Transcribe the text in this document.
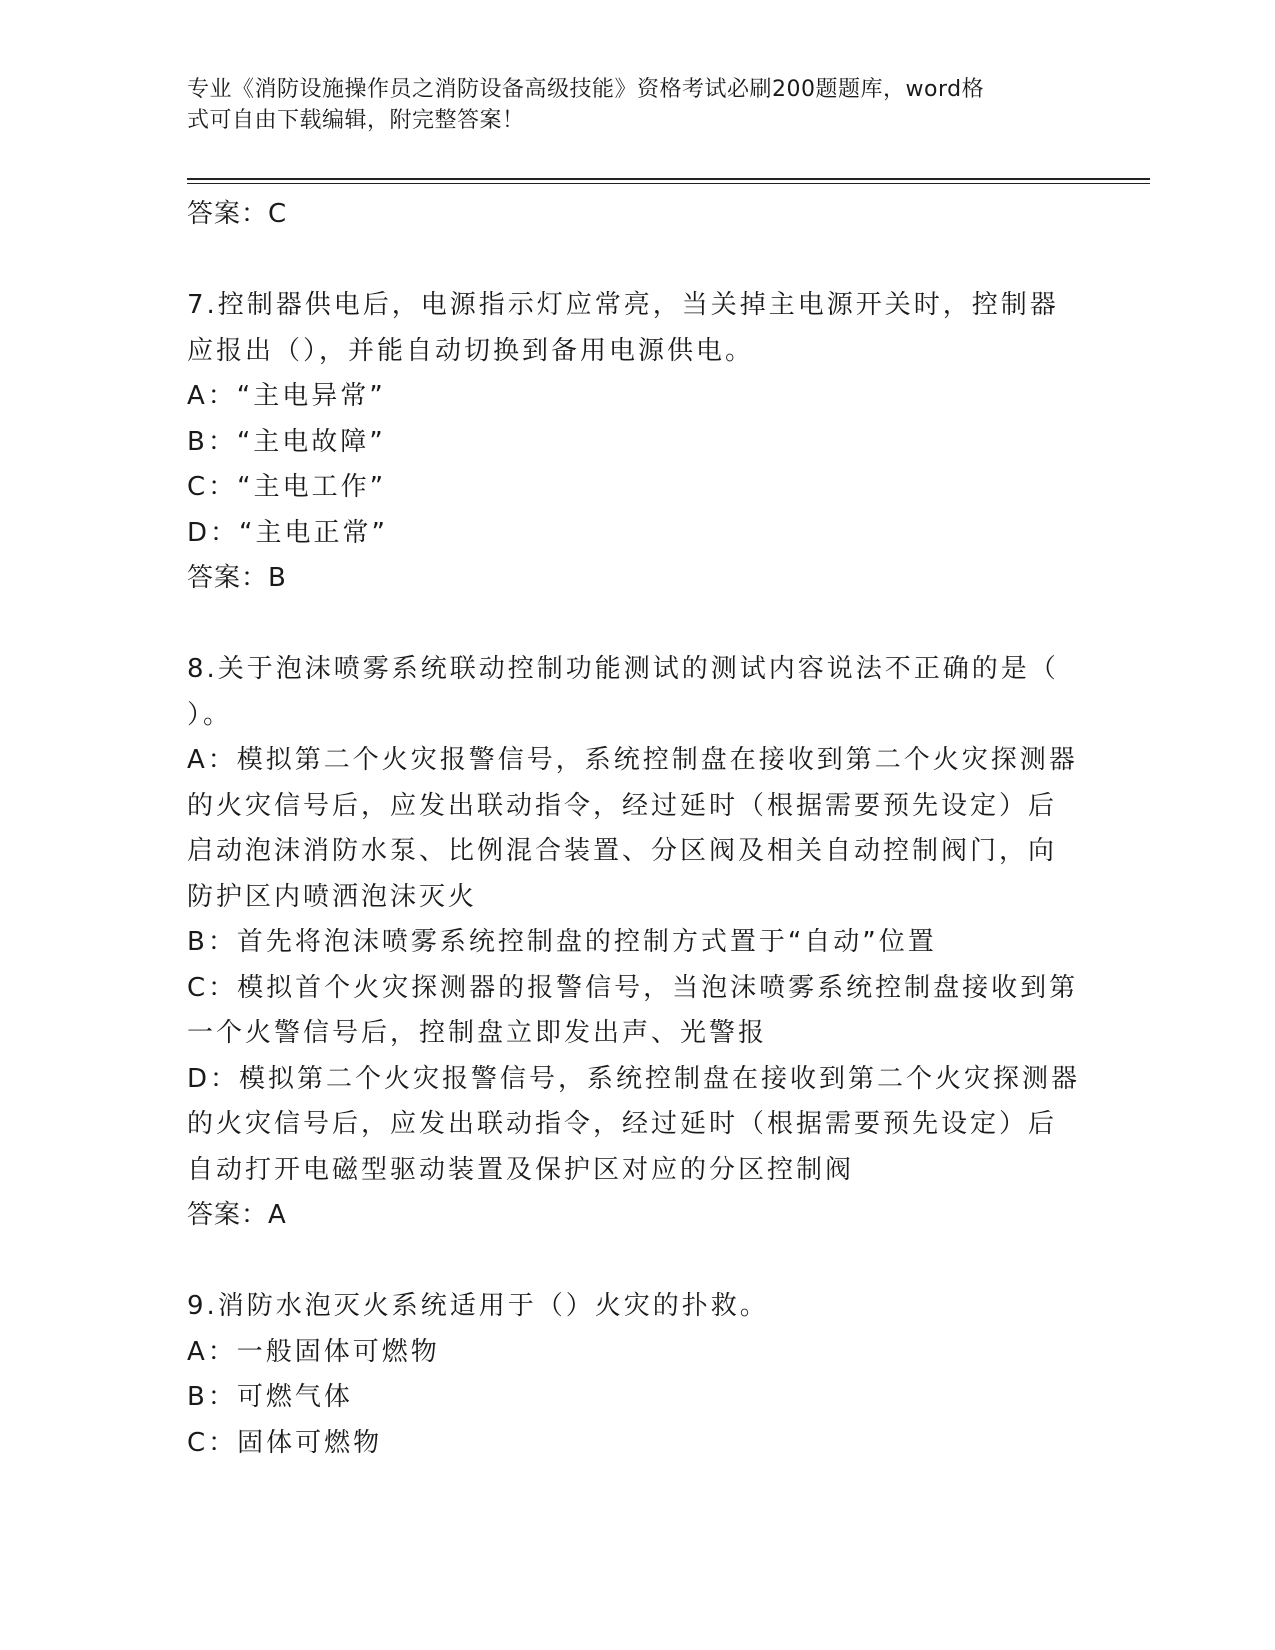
专业《消防设施操作员之消防设备高级技能》资格考试必刷200题题库，word格
式可自由下载编辑，附完整答案！
答案：C
7.控制器供电后，电源指示灯应常亮，当关掉主电源开关时，控制器
应报出（），并能自动切换到备用电源供电。
A：“主电异常”
B：“主电故障”
C：“主电工作”
D：“主电正常”
答案：B
8.关于泡沫喷雾系统联动控制功能测试的测试内容说法不正确的是（
）。
A：模拟第二个火灾报警信号，系统控制盘在接收到第二个火灾探测器
的火灾信号后，应发出联动指令，经过延时（根据需要预先设定）后
启动泡沫消防水泵、比例混合装置、分区阀及相关自动控制阀门，向
防护区内喷洒泡沫灭火
B：首先将泡沫喷雾系统控制盘的控制方式置于“自动”位置
C：模拟首个火灾探测器的报警信号，当泡沫喷雾系统控制盘接收到第
一个火警信号后，控制盘立即发出声、光警报
D：模拟第二个火灾报警信号，系统控制盘在接收到第二个火灾探测器
的火灾信号后，应发出联动指令，经过延时（根据需要预先设定）后
自动打开电磁型驱动装置及保护区对应的分区控制阀
答案：A
9.消防水泡灭火系统适用于（）火灾的扑救。
A：一般固体可燃物
B：可燃气体
C：固体可燃物
